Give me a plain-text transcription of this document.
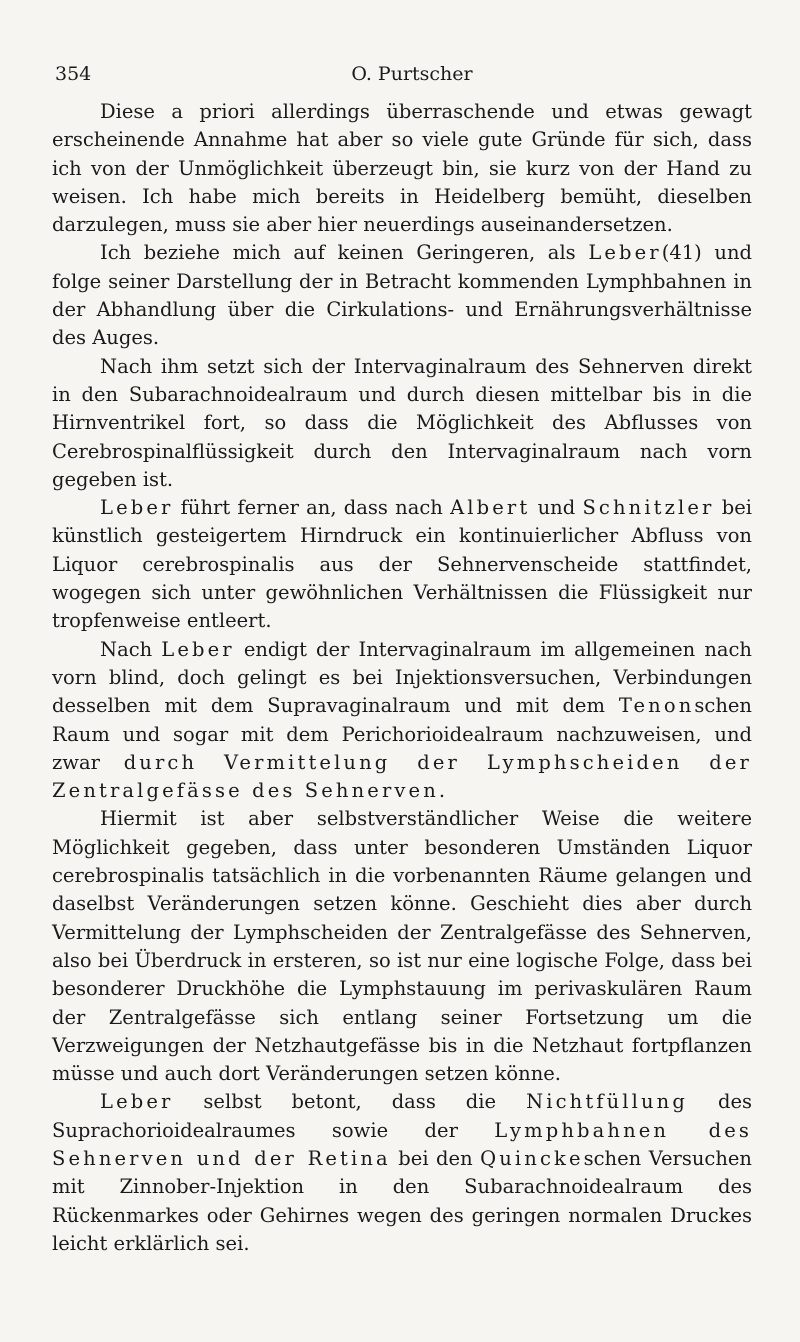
354	O. Purtscher

Diese a priori allerdings überraschende und etwas gewagt erscheinende Annahme hat aber so viele gute Gründe für sich, dass ich von der Unmöglichkeit überzeugt bin, sie kurz von der Hand zu weisen. Ich habe mich bereits in Heidelberg bemüht, dieselben darzulegen, muss sie aber hier neuerdings auseinandersetzen.

Ich beziehe mich auf keinen Geringeren, als Leber(41) und folge seiner Darstellung der in Betracht kommenden Lymphbahnen in der Abhandlung über die Cirkulations- und Ernährungsverhältnisse des Auges.

Nach ihm setzt sich der Intervaginalraum des Sehnerven direkt in den Subarachnoidealraum und durch diesen mittelbar bis in die Hirnventrikel fort, so dass die Möglichkeit des Abflusses von Cerebrospinalflüssigkeit durch den Intervaginalraum nach vorn gegeben ist.

Leber führt ferner an, dass nach Albert und Schnitzler bei künstlich gesteigertem Hirndruck ein kontinuierlicher Abfluss von Liquor cerebrospinalis aus der Sehnervenscheide stattfindet, wogegen sich unter gewöhnlichen Verhältnissen die Flüssigkeit nur tropfenweise entleert.

Nach Leber endigt der Intervaginalraum im allgemeinen nach vorn blind, doch gelingt es bei Injektionsversuchen, Verbindungen desselben mit dem Supravaginalraum und mit dem Tenonschen Raum und sogar mit dem Perichorioidealraum nachzuweisen, und zwar durch Vermittelung der Lymphscheiden der Zentralgefässe des Sehnerven.

Hiermit ist aber selbstverständlicher Weise die weitere Möglichkeit gegeben, dass unter besonderen Umständen Liquor cerebrospinalis tatsächlich in die vorbenannten Räume gelangen und daselbst Veränderungen setzen könne. Geschieht dies aber durch Vermittelung der Lymphscheiden der Zentralgefässe des Sehnerven, also bei Überdruck in ersteren, so ist nur eine logische Folge, dass bei besonderer Druckhöhe die Lymphstauung im perivaskulären Raum der Zentralgefässe sich entlang seiner Fortsetzung um die Verzweigungen der Netzhautgefässe bis in die Netzhaut fortpflanzen müsse und auch dort Veränderungen setzen könne.

Leber selbst betont, dass die Nichtfüllung des Suprachorioidealraumes sowie der Lymphbahnen des Sehnerven und der Retina bei den Quinckeschen Versuchen mit Zinnober-Injektion in den Subarachnoidealraum des Rückenmarkes oder Gehirnes wegen des geringen normalen Druckes leicht erklärlich sei.
